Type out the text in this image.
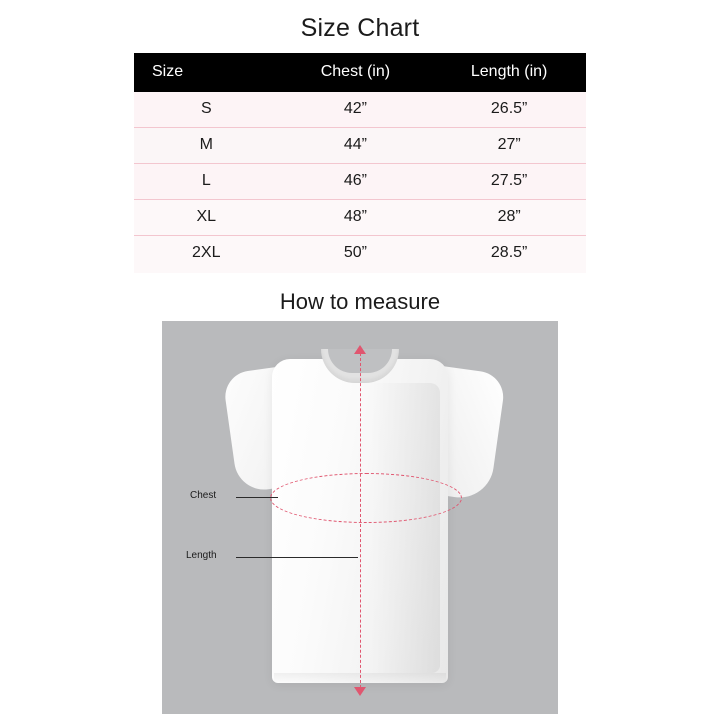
Size Chart
Size	Chest (in)	Length (in)
S	42”	26.5”
M	44”	27”
L	46”	27.5”
XL	48”	28”
2XL	50”	28.5”
How to measure
Chest
Length
